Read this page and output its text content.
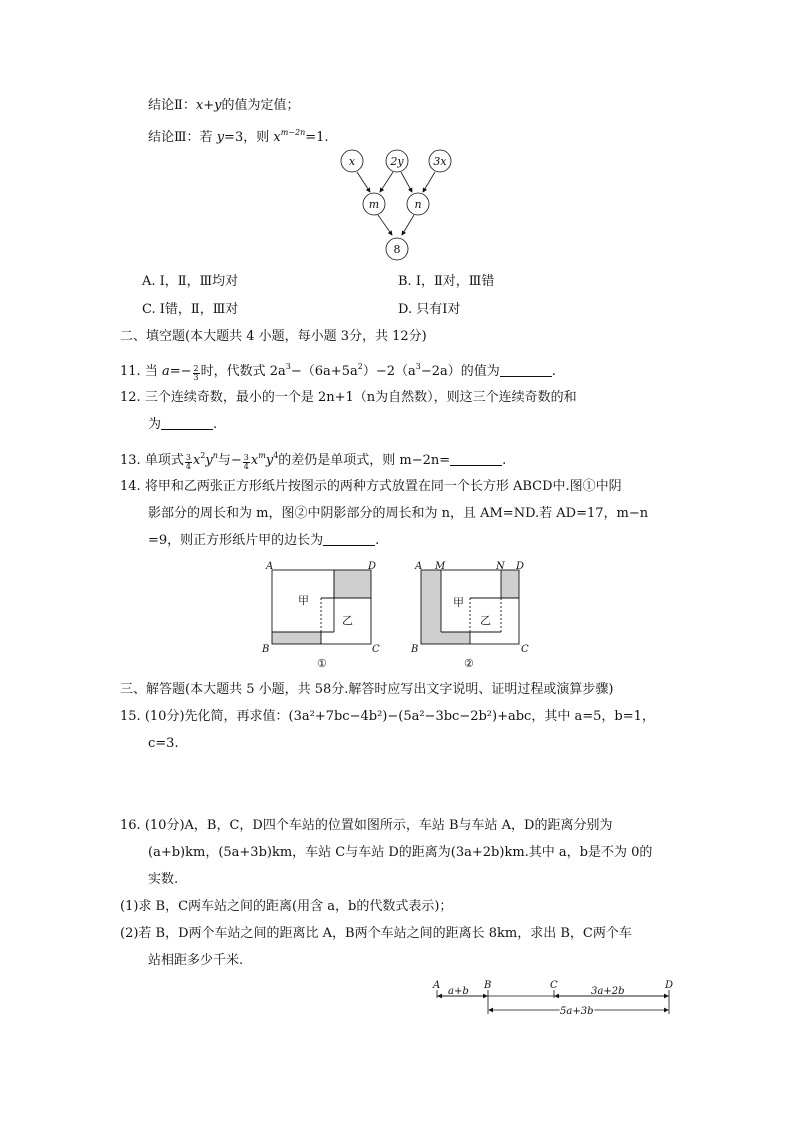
结论Ⅱ：x+y的值为定值；
结论Ⅲ：若 y=3，则 $x^{m-2n}=1$.
x	2y	3x
m	n
8
A. Ⅰ，Ⅱ，Ⅲ均对	B. Ⅰ，Ⅱ对，Ⅲ错
C. Ⅰ错，Ⅱ，Ⅲ对	D. 只有Ⅰ对
二、填空题(本大题共 4 小题，每小题 3分，共 12分)
11. 当 $a=- \frac{2}{3}$ 时，代数式 $2a^3-(6a+5a^2)-2(a^3-2a)$的值为	.
12. 三个连续奇数，最小的一个是 2n+1（n为自然数），则这三个连续奇数的和
为	.
13. 单项式 $\frac{3}{4} x^2y^n$与− $\frac{3}{4} x^my^4$的差仍是单项式，则 m−2n=	.
14. 将甲和乙两张正方形纸片按图示的两种方式放置在同一个长方形 ABCD中.图①中阴
影部分的周长和为 m，图②中阴影部分的周长和为 n，且 AM=ND.若 AD=17，m−n
=9，则正方形纸片甲的边长为	.
A	D
B	C
甲
乙
①
A M	N D
B	C
甲
乙
②
三、解答题(本大题共 5 小题，共 58分.解答时应写出文字说明、证明过程或演算步骤)
15. (10分)先化简，再求值：(3a²+7bc−4b²)−(5a²−3bc−2b²)+abc，其中 a=5，b=1，
c=3.
16. (10分)A，B，C，D四个车站的位置如图所示，车站 B与车站 A，D的距离分别为
(a+b)km，(5a+3b)km，车站 C与车站 D的距离为(3a+2b)km.其中 a，b是不为 0的
实数.
(1)求 B，C两车站之间的距离(用含 a，b的代数式表示)；
(2)若 B，D两个车站之间的距离比 A，B两个车站之间的距离长 8km，求出 B，C两个车
站相距多少千米.
A	B	C	D
a+b	3a+2b
5a+3b
